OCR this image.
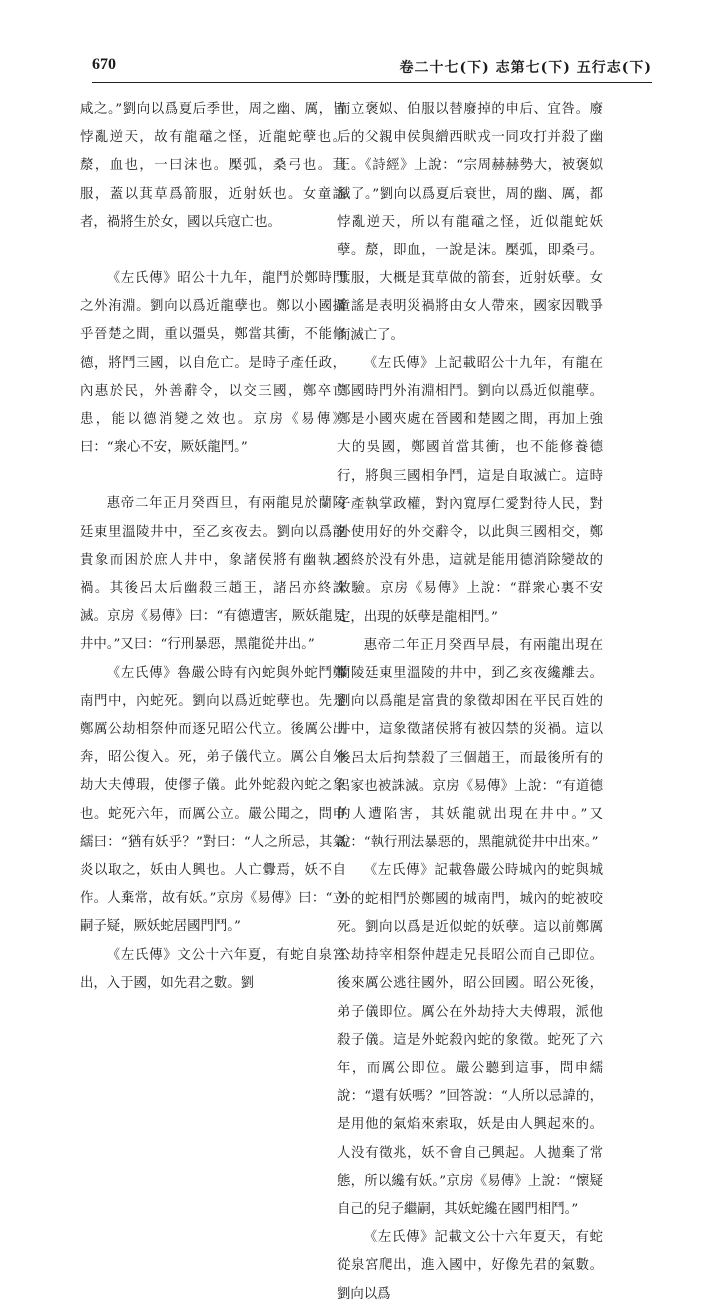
670	卷二十七(下) 志第七(下) 五行志(下)

咸之。”劉向以爲夏后季世，周之幽、厲，皆悖亂逆天，故有龍黿之怪，近龍蛇孽也。漦，血也，一曰沫也。檿弧，桑弓也。萁服，蓋以萁草爲箭服，近射妖也。女童謠者，禍將生於女，國以兵寇亡也。

《左氏傳》昭公十九年，龍鬥於鄭時門之外洧淵。劉向以爲近龍孽也。鄭以小國攝乎晉楚之間，重以彊吳，鄭當其衝，不能修德，將鬥三國，以自危亡。是時子產任政，內惠於民，外善辭令，以交三國，鄭卒亡患，能以德消變之效也。京房《易傳》曰：“衆心不安，厥妖龍鬥。”

惠帝二年正月癸酉旦，有兩龍見於蘭陵廷東里溫陵井中，至乙亥夜去。劉向以爲龍貴象而困於庶人井中，象諸侯將有幽執之禍。其後呂太后幽殺三趙王，諸呂亦終誅滅。京房《易傳》曰：“有德遭害，厥妖龍見井中。”又曰：“行刑暴惡，黑龍從井出。”

《左氏傳》魯嚴公時有內蛇與外蛇鬥鄭南門中，內蛇死。劉向以爲近蛇孽也。先是鄭厲公劫相祭仲而逐兄昭公代立。後厲公出奔，昭公復入。死，弟子儀代立。厲公自外劫大夫傅瑕，使僇子儀。此外蛇殺內蛇之象也。蛇死六年，而厲公立。嚴公聞之，問申繻曰：“猶有妖乎？”對曰：“人之所忌，其氣炎以取之，妖由人興也。人亡釁焉，妖不自作。人棄常，故有妖。”京房《易傳》曰：“立嗣子疑，厥妖蛇居國門鬥。”

《左氏傳》文公十六年夏，有蛇自泉宮出，入于國，如先君之數。劉

而立褒姒、伯服以替廢掉的申后、宜咎。廢后的父親申侯與繒西畎戎一同攻打并殺了幽王。《詩經》上說：“宗周赫赫勢大，被褒姒滅了。”劉向以爲夏后衰世，周的幽、厲，都悖亂逆天，所以有龍黿之怪，近似龍蛇妖孽。漦，即血，一說是沫。檿弧，即桑弓。萁服，大概是萁草做的箭套，近射妖孽。女童謠是表明災禍將由女人帶來，國家因戰爭而滅亡了。

《左氏傳》上記載昭公十九年，有龍在鄭國時門外洧淵相鬥。劉向以爲近似龍孽。鄭是小國夾處在晉國和楚國之間，再加上強大的吳國，鄭國首當其衝，也不能修養德行，將與三國相争鬥，這是自取滅亡。這時子產執掌政權，對內寬厚仁愛對待人民，對外使用好的外交辭令，以此與三國相交，鄭國終於没有外患，這就是能用德消除變故的效驗。京房《易傳》上說：“群衆心裏不安定，出現的妖孽是龍相鬥。”

惠帝二年正月癸酉早晨，有兩龍出現在蘭陵廷東里溫陵的井中，到乙亥夜纔離去。劉向以爲龍是富貴的象徵却困在平民百姓的井中，這象徵諸侯將有被囚禁的災禍。這以後呂太后拘禁殺了三個趙王，而最後所有的呂家也被誅滅。京房《易傳》上說：“有道德的人遭陷害，其妖龍就出現在井中。”又說：“執行刑法暴惡的，黑龍就從井中出來。”

《左氏傳》記載魯嚴公時城內的蛇與城外的蛇相鬥於鄭國的城南門，城內的蛇被咬死。劉向以爲是近似蛇的妖孽。這以前鄭厲公劫持宰相祭仲趕走兄長昭公而自己即位。後來厲公逃往國外，昭公回國。昭公死後，弟子儀即位。厲公在外劫持大夫傅瑕，派他殺子儀。這是外蛇殺內蛇的象徵。蛇死了六年，而厲公即位。嚴公聽到這事，問申繻說：“還有妖嗎？”回答說：“人所以忌諱的，是用他的氣焰來索取，妖是由人興起來的。人没有徵兆，妖不會自己興起。人拋棄了常態，所以纔有妖。”京房《易傳》上說：“懷疑自己的兒子繼嗣，其妖蛇纔在國門相鬥。”

《左氏傳》記載文公十六年夏天，有蛇從泉宮爬出，進入國中，好像先君的氣數。劉向以爲
